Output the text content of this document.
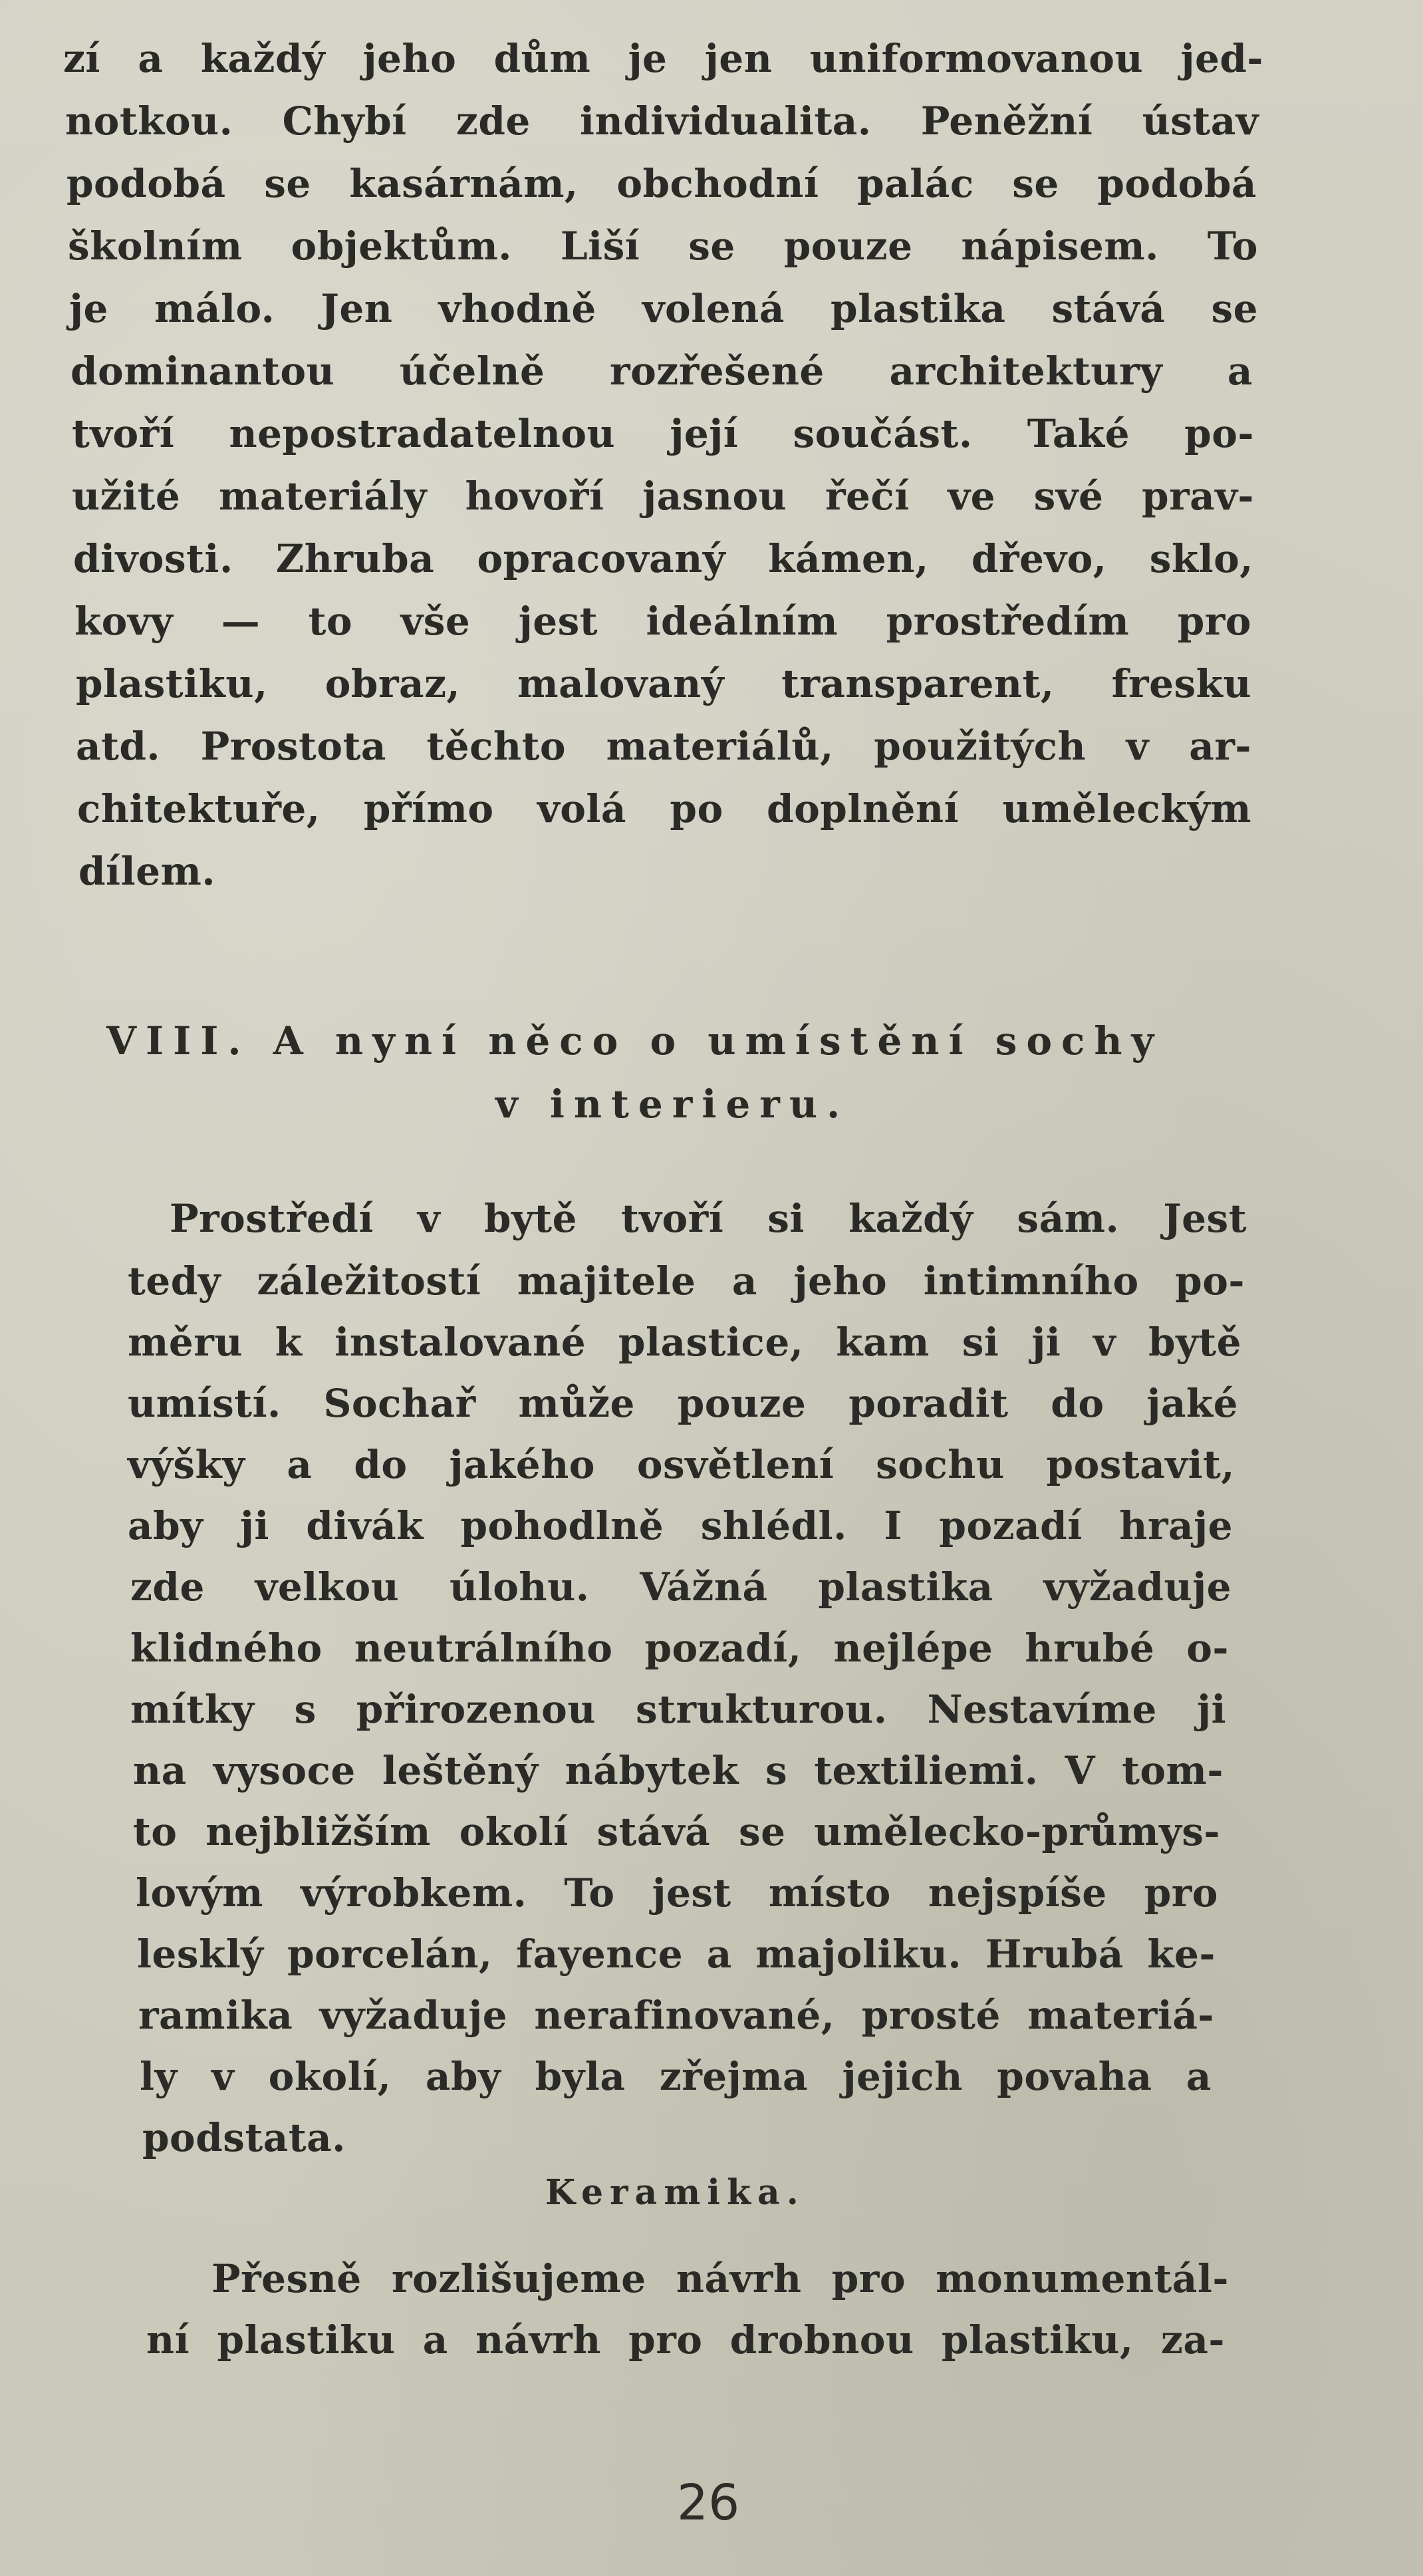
zí a každý jeho dům je jen uniformovanou jed-
notkou. Chybí zde individualita. Peněžní ústav
podobá se kasárnám, obchodní palác se podobá
školním objektům. Liší se pouze nápisem. To
je málo. Jen vhodně volená plastika stává se
dominantou účelně rozřešené architektury a
tvoří nepostradatelnou její součást. Také po-
užité materiály hovoří jasnou řečí ve své prav-
divosti. Zhruba opracovaný kámen, dřevo, sklo,
kovy — to vše jest ideálním prostředím pro
plastiku, obraz, malovaný transparent, fresku
atd. Prostota těchto materiálů, použitých v ar-
chitektuře, přímo volá po doplnění uměleckým
dílem.
VIII. A nyní něco o umístění sochy
v interieru.
Prostředí v bytě tvoří si každý sám. Jest
tedy záležitostí majitele a jeho intimního po-
měru k instalované plastice, kam si ji v bytě
umístí. Sochař může pouze poradit do jaké
výšky a do jakého osvětlení sochu postavit,
aby ji divák pohodlně shlédl. I pozadí hraje
zde velkou úlohu. Vážná plastika vyžaduje
klidného neutrálního pozadí, nejlépe hrubé o-
mítky s přirozenou strukturou. Nestavíme ji
na vysoce leštěný nábytek s textiliemi. V tom-
to nejbližším okolí stává se umělecko-průmys-
lovým výrobkem. To jest místo nejspíše pro
lesklý porcelán, fayence a majoliku. Hrubá ke-
ramika vyžaduje nerafinované, prosté materiá-
ly v okolí, aby byla zřejma jejich povaha a
podstata.
Keramika.
Přesně rozlišujeme návrh pro monumentál-
ní plastiku a návrh pro drobnou plastiku, za-
26
